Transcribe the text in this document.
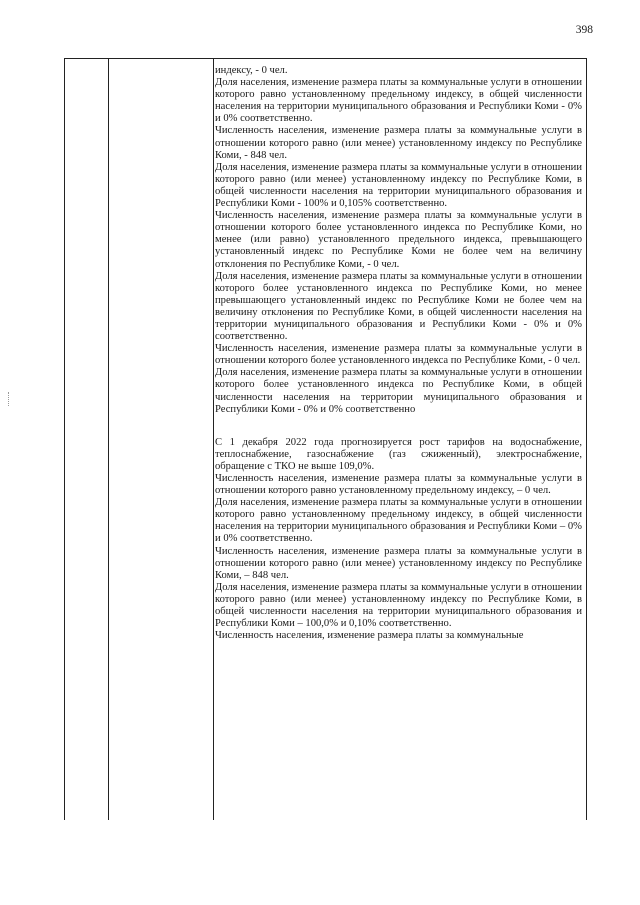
398

индексу, - 0 чел.

Доля населения, изменение размера платы за коммунальные услуги в отношении которого равно установленному предельному индексу, в общей численности населения на территории муниципального образования и Республики Коми - 0% и 0% соответственно.

Численность населения, изменение размера платы за коммунальные услуги в отношении которого равно (или менее) установленному индексу по Республике Коми, - 848 чел.

Доля населения, изменение размера платы за коммунальные услуги в отношении которого равно (или менее) установленному индексу по Республике Коми, в общей численности населения на территории муниципального образования и Республики Коми - 100% и 0,105% соответственно.

Численность населения, изменение размера платы за коммунальные услуги в отношении которого более установленного индекса по Республике Коми, но менее (или равно) установленного предельного индекса, превышающего установленный индекс по Республике Коми не более чем на величину отклонения по Республике Коми, - 0 чел.

Доля населения, изменение размера платы за коммунальные услуги в отношении которого более установленного индекса по Республике Коми, но менее превышающего установленный индекс по Республике Коми не более чем на величину отклонения по Республике Коми, в общей численности населения на территории муниципального образования и Республики Коми - 0% и 0% соответственно.

Численность населения, изменение размера платы за коммунальные услуги в отношении которого более установленного индекса по Республике Коми, - 0 чел.

Доля населения, изменение размера платы за коммунальные услуги в отношении которого более установленного индекса по Республике Коми, в общей численности населения на территории муниципального образования и Республики Коми - 0% и 0% соответственно

С 1 декабря 2022 года прогнозируется рост тарифов на водоснабжение, теплоснабжение, газоснабжение (газ сжиженный), электроснабжение, обращение с ТКО не выше 109,0%.

Численность населения, изменение размера платы за коммунальные услуги в отношении которого равно установленному предельному индексу, – 0 чел.

Доля населения, изменение размера платы за коммунальные услуги в отношении которого равно установленному предельному индексу, в общей численности населения на территории муниципального образования и Республики Коми – 0% и 0% соответственно.

Численность населения, изменение размера платы за коммунальные услуги в отношении которого равно (или менее) установленному индексу по Республике Коми, – 848 чел.

Доля населения, изменение размера платы за коммунальные услуги в отношении которого равно (или менее) установленному индексу по Республике Коми, в общей численности населения на территории муниципального образования и Республики Коми – 100,0% и 0,10% соответственно.

Численность населения, изменение размера платы за коммунальные
